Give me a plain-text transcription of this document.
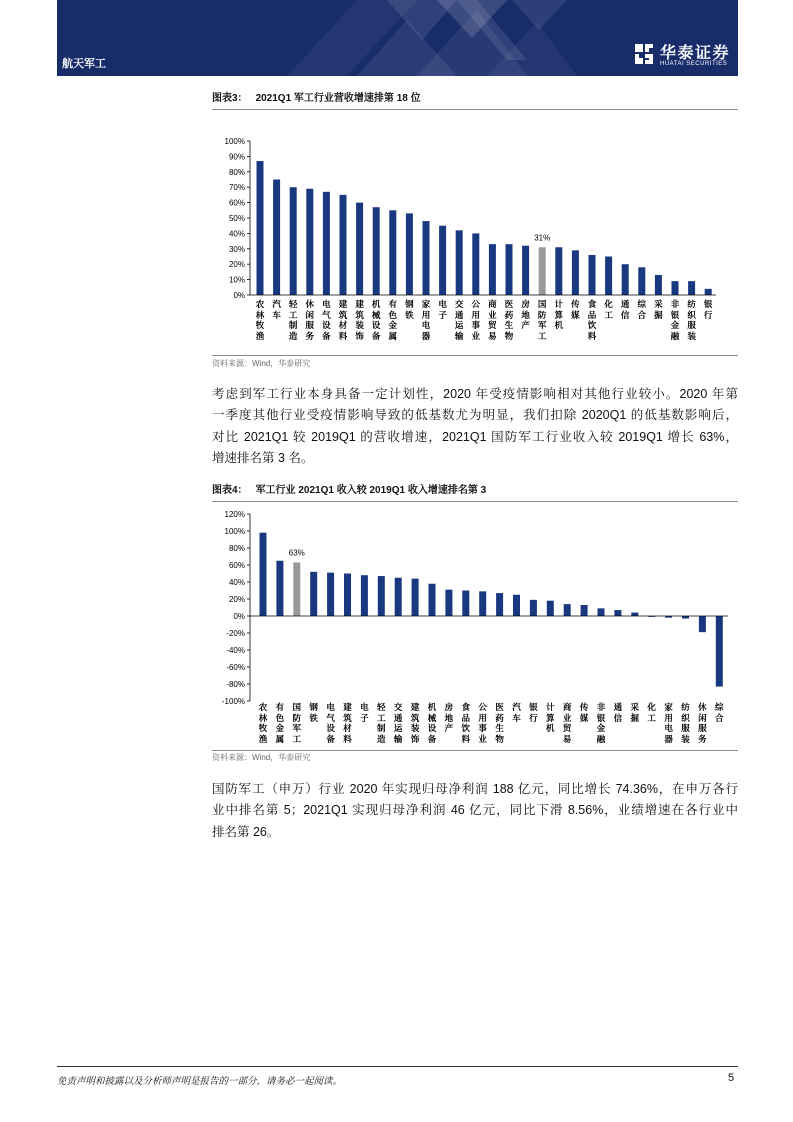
航天军工
华泰证券
HUATAI SECURITIES
图表3： 2021Q1 军工行业营收增速排第 18 位
0%
10%
20%
30%
40%
50%
60%
70%
80%
90%
100%
31%
农林牧渔
汽车
轻工制造
休闲服务
电气设备
建筑材料
建筑装饰
机械设备
有色金属
钢铁
家用电器
电子
交通运输
公用事业
商业贸易
医药生物
房地产
国防军工
计算机
传媒
食品饮料
化工
通信
综合
采掘
非银金融
纺织服装
银行
资料来源：Wind，华泰研究
考虑到军工行业本身具备一定计划性，2020 年受疫情影响相对其他行业较小。2020 年第
一季度其他行业受疫情影响导致的低基数尤为明显，我们扣除 2020Q1 的低基数影响后，
对比 2021Q1 较 2019Q1 的营收增速，2021Q1 国防军工行业收入较 2019Q1 增长 63%，
增速排名第 3 名。
图表4： 军工行业 2021Q1 收入较 2019Q1 收入增速排名第 3
-100%
-80%
-60%
-40%
-20%
0%
20%
40%
60%
80%
100%
120%
63%
农林牧渔
有色金属
国防军工
钢铁
电气设备
建筑材料
电子
轻工制造
交通运输
建筑装饰
机械设备
房地产
食品饮料
公用事业
医药生物
汽车
银行
计算机
商业贸易
传媒
非银金融
通信
采掘
化工
家用电器
纺织服装
休闲服务
综合
资料来源：Wind，华泰研究
国防军工（申万）行业 2020 年实现归母净利润 188 亿元，同比增长 74.36%，在申万各行
业中排名第 5；2021Q1 实现归母净利润 46 亿元，同比下滑 8.56%，业绩增速在各行业中
排名第 26。
免责声明和披露以及分析师声明是报告的一部分，请务必一起阅读。	5
